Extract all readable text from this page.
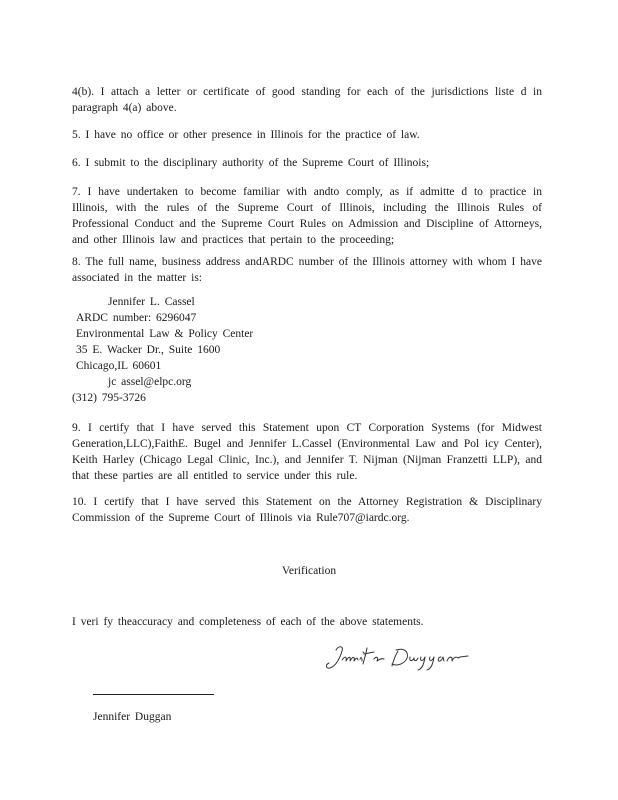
4(b). I attach a letter or certificate of good standing for each of the jurisdictions liste d in paragraph 4(a) above.
5. I have no office or other presence in Illinois for the practice of law.
6. I submit to the disciplinary authority of the Supreme Court of Illinois;
7. I have undertaken to become familiar with andto comply, as if admitte d to practice in Illinois, with the rules of the Supreme Court of Illinois, including the Illinois Rules of Professional Conduct and the Supreme Court Rules on Admission and Discipline of Attorneys, and other Illinois law and practices that pertain to the proceeding;
8. The full name, business address andARDC number of the Illinois attorney with whom I have associated in the matter is:
Jennifer L. Cassel
ARDC number: 6296047
Environmental Law & Policy Center
35 E. Wacker Dr., Suite 1600
Chicago,IL 60601
jc assel@elpc.org
(312) 795-3726
9. I certify that I have served this Statement upon CT Corporation Systems (for Midwest Generation,LLC),FaithE. Bugel and Jennifer L.Cassel (Environmental Law and Pol icy Center), Keith Harley (Chicago Legal Clinic, Inc.), and Jennifer T. Nijman (Nijman Franzetti LLP), and that these parties are all entitled to service under this rule.
10. I certify that I have served this Statement on the Attorney Registration & Disciplinary Commission of the Supreme Court of Illinois via Rule707@iardc.org.
Verification
I veri fy theaccuracy and completeness of each of the above statements.
Jennifer Duggan
